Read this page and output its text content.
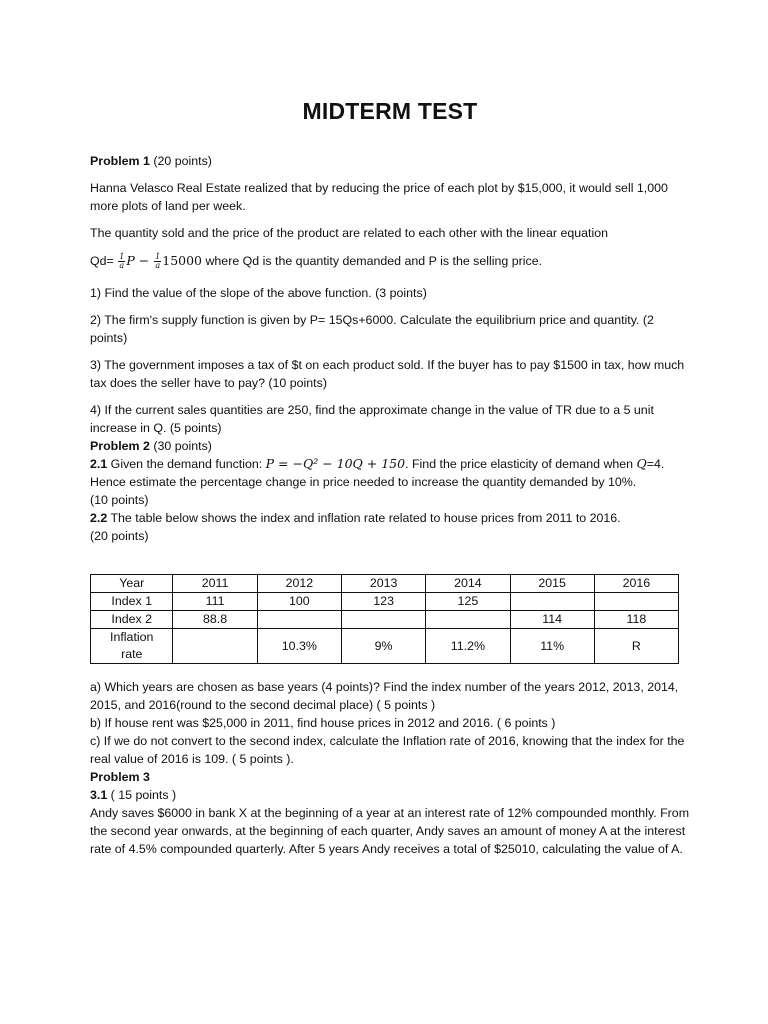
MIDTERM TEST

Problem 1 (20 points)

Hanna Velasco Real Estate realized that by reducing the price of each plot by $15,000, it would sell 1,000 more plots of land per week.

The quantity sold and the price of the product are related to each other with the linear equation

$Qd= \frac{1}{a}$ $P - \frac{1}{a} 15000$ where Qd is the quantity demanded and P is the selling price.

1) Find the value of the slope of the above function. (3 points)

2) The firm's supply function is given by P= 15Qs+6000. Calculate the equilibrium price and quantity. (2 points)

3) The government imposes a tax of $t on each product sold. If the buyer has to pay $1500 in tax, how much tax does the seller have to pay? (10 points)

4) If the current sales quantities are 250, find the approximate change in the value of TR due to a 5 unit increase in Q. (5 points)

Problem 2 (30 points)

2.1 Given the demand function: P = −Q² − 10Q + 150. Find the price elasticity of demand when Q=4. Hence estimate the percentage change in price needed to increase the quantity demanded by 10%.

(10 points)

2.2 The table below shows the index and inflation rate related to house prices from 2011 to 2016.

(20 points)

Year	2011	2012	2013	2014	2015	2016
Index 1	111	100	123	125		
Index 2	88.8				114	118
Inflation
rate		10.3%	9%	11.2%	11%	R

a) Which years are chosen as base years (4 points)? Find the index number of the years 2012, 2013, 2014, 2015, and 2016(round to the second decimal place) ( 5 points )

b) If house rent was $25,000 in 2011, find house prices in 2012 and 2016. ( 6 points )

c) If we do not convert to the second index, calculate the Inflation rate of 2016, knowing that the index for the real value of 2016 is 109. ( 5 points ).

Problem 3

3.1 ( 15 points )

Andy saves $6000 in bank X at the beginning of a year at an interest rate of 12% compounded monthly. From the second year onwards, at the beginning of each quarter, Andy saves an amount of money A at the interest rate of 4.5% compounded quarterly. After 5 years Andy receives a total of $25010, calculating the value of A.
